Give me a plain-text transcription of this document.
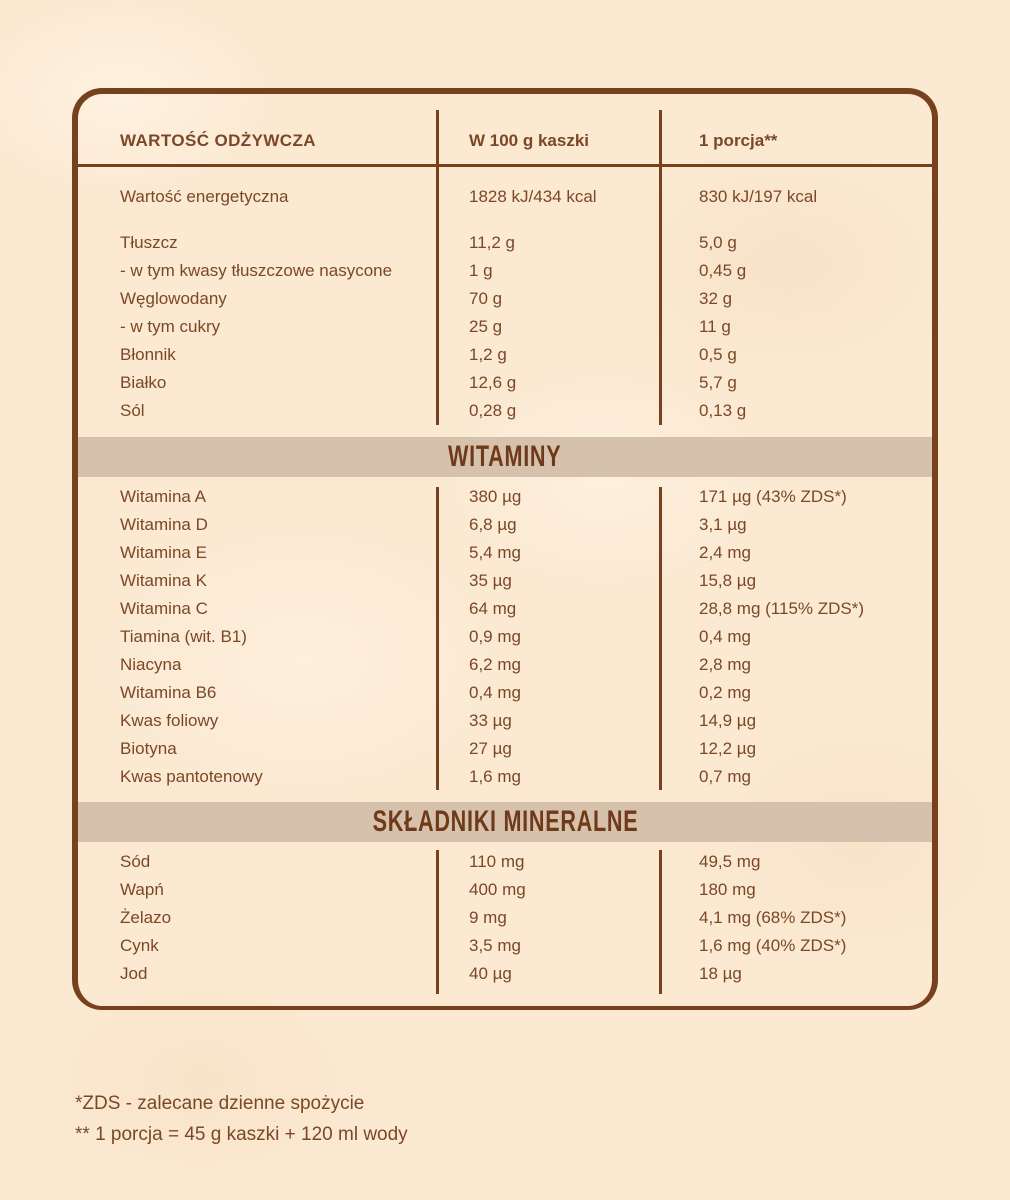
WARTOŚĆ ODŻYWCZA	W 100 g kaszki	1 porcja**
Wartość energetyczna	1828 kJ/434 kcal	830 kJ/197 kcal
Tłuszcz	11,2 g	5,0 g
- w tym kwasy tłuszczowe nasycone	1 g	0,45 g
Węglowodany	70 g	32 g
- w tym cukry	25 g	11 g
Błonnik	1,2 g	0,5 g
Białko	12,6 g	5,7 g
Sól	0,28 g	0,13 g
WITAMINY
Witamina A	380 µg	171 µg (43% ZDS*)
Witamina D	6,8 µg	3,1 µg
Witamina E	5,4 mg	2,4 mg
Witamina K	35 µg	15,8 µg
Witamina C	64 mg	28,8 mg (115% ZDS*)
Tiamina (wit. B1)	0,9 mg	0,4 mg
Niacyna	6,2 mg	2,8 mg
Witamina B6	0,4 mg	0,2 mg
Kwas foliowy	33 µg	14,9 µg
Biotyna	27 µg	12,2 µg
Kwas pantotenowy	1,6 mg	0,7 mg
SKŁADNIKI MINERALNE
Sód	110 mg	49,5 mg
Wapń	400 mg	180 mg
Żelazo	9 mg	4,1 mg (68% ZDS*)
Cynk	3,5 mg	1,6 mg (40% ZDS*)
Jod	40 µg	18 µg
*ZDS - zalecane dzienne spożycie
** 1 porcja = 45 g kaszki + 120 ml wody
